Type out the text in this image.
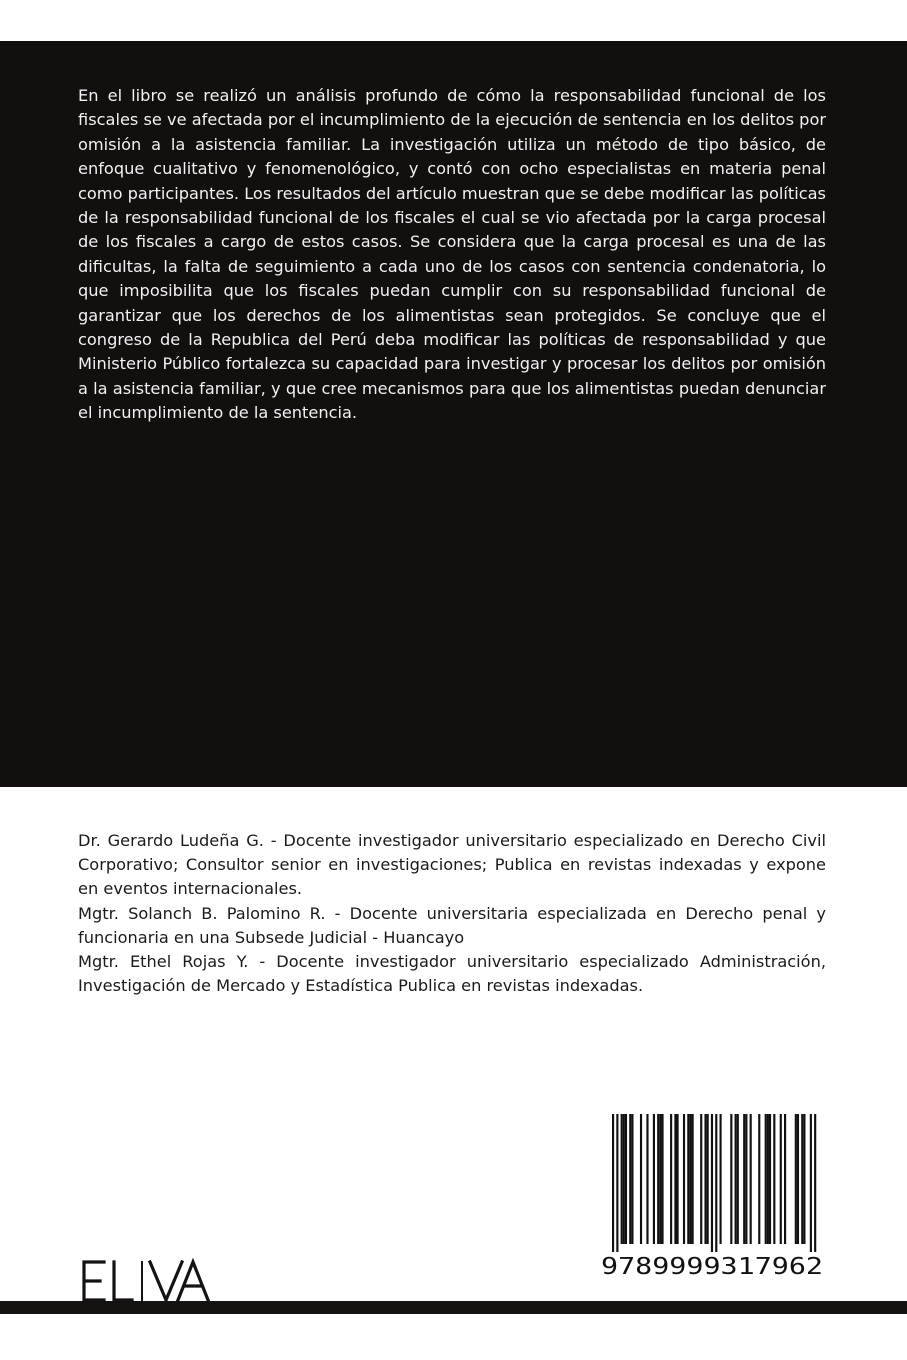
En el libro se realizó un análisis profundo de cómo la responsabilidad funcional de los fiscales se ve afectada por el incumplimiento de la ejecución de sentencia en los delitos por omisión a la asistencia familiar. La investigación utiliza un método de tipo básico, de enfoque cualitativo y fenomenológico, y contó con ocho especialistas en materia penal como participantes. Los resultados del artículo muestran que se debe modificar las políticas de la responsabilidad funcional de los fiscales el cual se vio afectada por la carga procesal de los fiscales a cargo de estos casos. Se considera que la carga procesal es una de las dificultas, la falta de seguimiento a cada uno de los casos con sentencia condenatoria, lo que imposibilita que los fiscales puedan cumplir con su responsabilidad funcional de garantizar que los derechos de los alimentistas sean protegidos. Se concluye que el congreso de la Republica del Perú deba modificar las políticas de responsabilidad y que Ministerio Público fortalezca su capacidad para investigar y procesar los delitos por omisión a la asistencia familiar, y que cree mecanismos para que los alimentistas puedan denunciar el incumplimiento de la sentencia.

Dr. Gerardo Ludeña G. - Docente investigador universitario especializado en Derecho Civil Corporativo; Consultor senior en investigaciones; Publica en revistas indexadas y expone en eventos internacionales.

Mgtr. Solanch B. Palomino R. - Docente universitaria especializada en Derecho penal y funcionaria en una Subsede Judicial - Huancayo

Mgtr. Ethel Rojas Y. - Docente investigador universitario especializado Administración, Investigación de Mercado y Estadística Publica en revistas indexadas.

9789999317962
